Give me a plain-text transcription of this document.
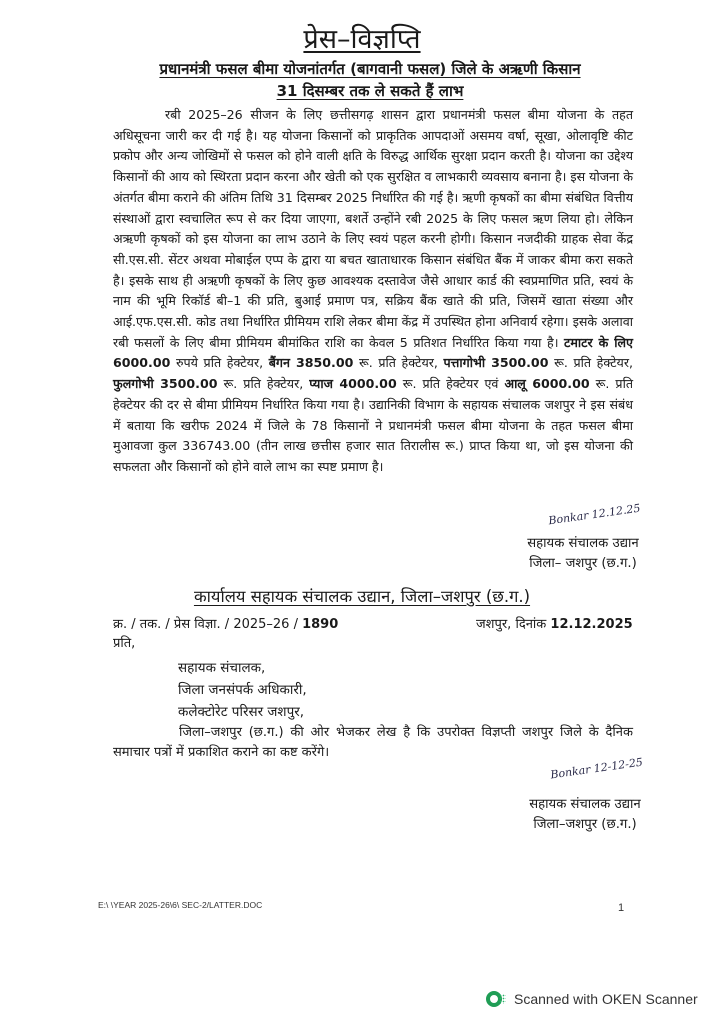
प्रेस–विज्ञप्ति
प्रधानमंत्री फसल बीमा योजनांतर्गत (बागवानी फसल) जिले के अऋणी किसान
31 दिसम्बर तक ले सकते हैं लाभ
रबी 2025–26 सीजन के लिए छत्तीसगढ़ शासन द्वारा प्रधानमंत्री फसल बीमा योजना के तहत अधिसूचना जारी कर दी गई है। यह योजना किसानों को प्राकृतिक आपदाओं असमय वर्षा, सूखा, ओलावृष्टि कीट प्रकोप और अन्य जोखिमों से फसल को होने वाली क्षति के विरुद्ध आर्थिक सुरक्षा प्रदान करती है। योजना का उद्देश्य किसानों की आय को स्थिरता प्रदान करना और खेती को एक सुरक्षित व लाभकारी व्यवसाय बनाना है। इस योजना के अंतर्गत बीमा कराने की अंतिम तिथि 31 दिसम्बर 2025 निर्धारित की गई है। ऋणी कृषकों का बीमा संबंधित वित्तीय संस्थाओं द्वारा स्वचालित रूप से कर दिया जाएगा, बशर्ते उन्होंने रबी 2025 के लिए फसल ऋण लिया हो। लेकिन अऋणी कृषकों को इस योजना का लाभ उठाने के लिए स्वयं पहल करनी होगी। किसान नजदीकी ग्राहक सेवा केंद्र सी.एस.सी. सेंटर अथवा मोबाईल एप्प के द्वारा या बचत खाताधारक किसान संबंधित बैंक में जाकर बीमा करा सकते है। इसके साथ ही अऋणी कृषकों के लिए कुछ आवश्यक दस्तावेज जैसे आधार कार्ड की स्वप्रमाणित प्रति, स्वयं के नाम की भूमि रिकॉर्ड बी–1 की प्रति, बुआई प्रमाण पत्र, सक्रिय बैंक खाते की प्रति, जिसमें खाता संख्या और आई.एफ.एस.सी. कोड तथा निर्धारित प्रीमियम राशि लेकर बीमा केंद्र में उपस्थित होना अनिवार्य रहेगा। इसके अलावा रबी फसलों के लिए बीमा प्रीमियम बीमांकित राशि का केवल 5 प्रतिशत निर्धारित किया गया है। टमाटर के लिए 6000.00 रुपये प्रति हेक्टेयर, बैंगन 3850.00 रू. प्रति हेक्टेयर, पत्तागोभी 3500.00 रू. प्रति हेक्टेयर, फुलगोभी 3500.00 रू. प्रति हेक्टेयर, प्याज 4000.00 रू. प्रति हेक्टेयर एवं आलू 6000.00 रू. प्रति हेक्टेयर की दर से बीमा प्रीमियम निर्धारित किया गया है। उद्यानिकी विभाग के सहायक संचालक जशपुर ने इस संबंध में बताया कि खरीफ 2024 में जिले के 78 किसानों ने प्रधानमंत्री फसल बीमा योजना के तहत फसल बीमा मुआवजा कुल 336743.00 (तीन लाख छत्तीस हजार सात तिरालीस रू.) प्राप्त किया था, जो इस योजना की सफलता और किसानों को होने वाले लाभ का स्पष्ट प्रमाण है।
Bonkar 12.12.25
सहायक संचालक उद्यान
जिला– जशपुर (छ.ग.)
कार्यालय सहायक संचालक उद्यान, जिला–जशपुर (छ.ग.)
क्र. / तक. / प्रेस विज्ञा. / 2025–26 / 1890	जशपुर, दिनांक 12.12.2025
प्रति,
सहायक संचालक,
जिला जनसंपर्क अधिकारी,
कलेक्टोरेट परिसर जशपुर,
जिला–जशपुर (छ.ग.) की ओर भेजकर लेख है कि उपरोक्त विज्ञप्ती जशपुर जिले के दैनिक समाचार पत्रों में प्रकाशित कराने का कष्ट करेंगे।
Bonkar 12-12-25
सहायक संचालक उद्यान
जिला–जशपुर (छ.ग.)
E:\ \YEAR 2025-26\6\ SEC-2/LATTER.DOC	1
Scanned with OKEN Scanner
